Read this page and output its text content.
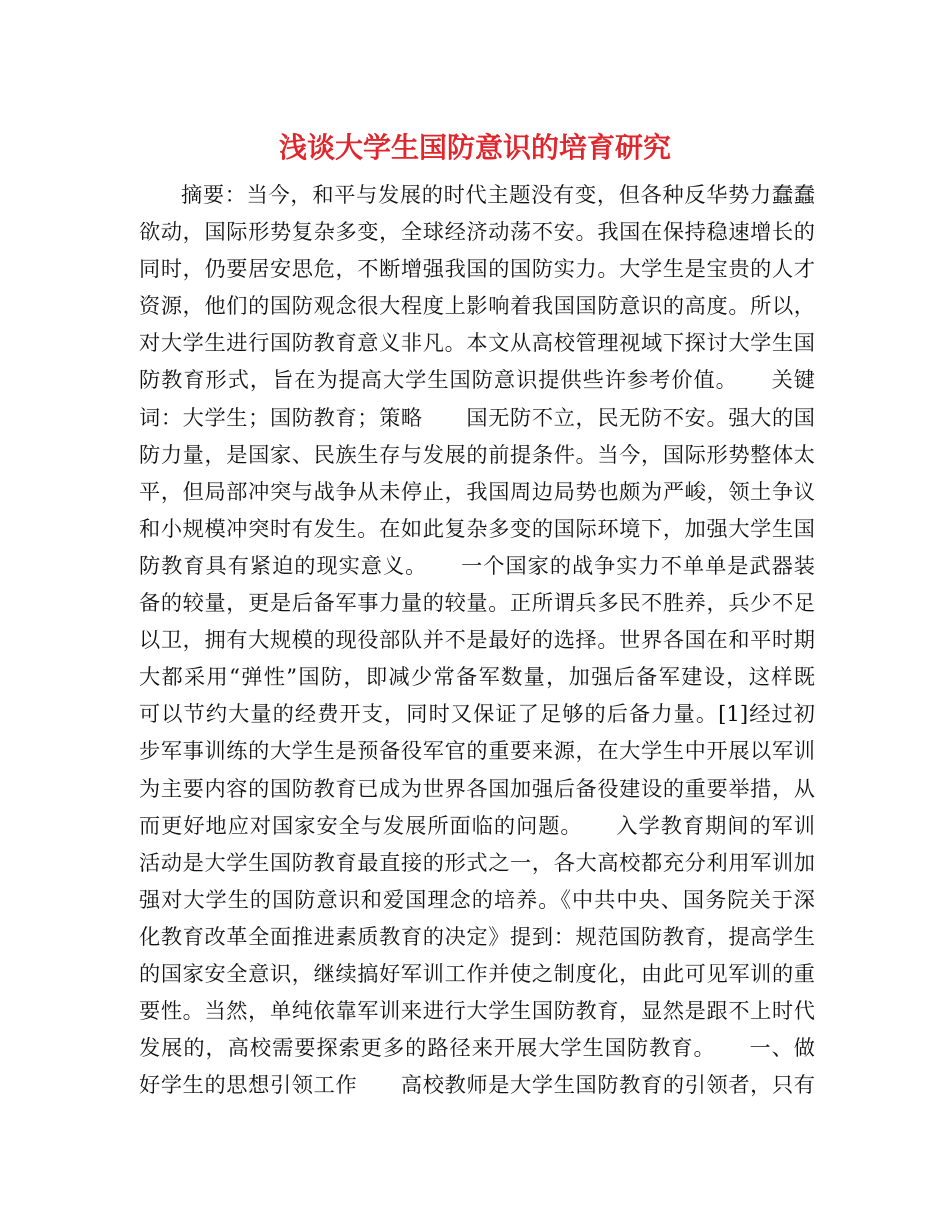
浅谈大学生国防意识的培育研究
摘要：当今，和平与发展的时代主题没有变，但各种反华势力蠢蠢
欲动，国际形势复杂多变，全球经济动荡不安。我国在保持稳速增长的
同时，仍要居安思危，不断增强我国的国防实力。大学生是宝贵的人才
资源，他们的国防观念很大程度上影响着我国国防意识的高度。所以，
对大学生进行国防教育意义非凡。本文从高校管理视域下探讨大学生国
防教育形式，旨在为提高大学生国防意识提供些许参考价值。　　关键
词：大学生；国防教育；策略　　国无防不立，民无防不安。强大的国
防力量，是国家、民族生存与发展的前提条件。当今，国际形势整体太
平，但局部冲突与战争从未停止，我国周边局势也颇为严峻，领土争议
和小规模冲突时有发生。在如此复杂多变的国际环境下，加强大学生国
防教育具有紧迫的现实意义。　　一个国家的战争实力不单单是武器装
备的较量，更是后备军事力量的较量。正所谓兵多民不胜养，兵少不足
以卫，拥有大规模的现役部队并不是最好的选择。世界各国在和平时期
大都采用“弹性”国防，即减少常备军数量，加强后备军建设，这样既
可以节约大量的经费开支，同时又保证了足够的后备力量。[1]经过初
步军事训练的大学生是预备役军官的重要来源，在大学生中开展以军训
为主要内容的国防教育已成为世界各国加强后备役建设的重要举措，从
而更好地应对国家安全与发展所面临的问题。　　入学教育期间的军训
活动是大学生国防教育最直接的形式之一，各大高校都充分利用军训加
强对大学生的国防意识和爱国理念的培养。《中共中央、国务院关于深
化教育改革全面推进素质教育的决定》提到：规范国防教育，提高学生
的国家安全意识，继续搞好军训工作并使之制度化，由此可见军训的重
要性。当然，单纯依靠军训来进行大学生国防教育，显然是跟不上时代
发展的，高校需要探索更多的路径来开展大学生国防教育。　　一、做
好学生的思想引领工作　　高校教师是大学生国防教育的引领者，只有
